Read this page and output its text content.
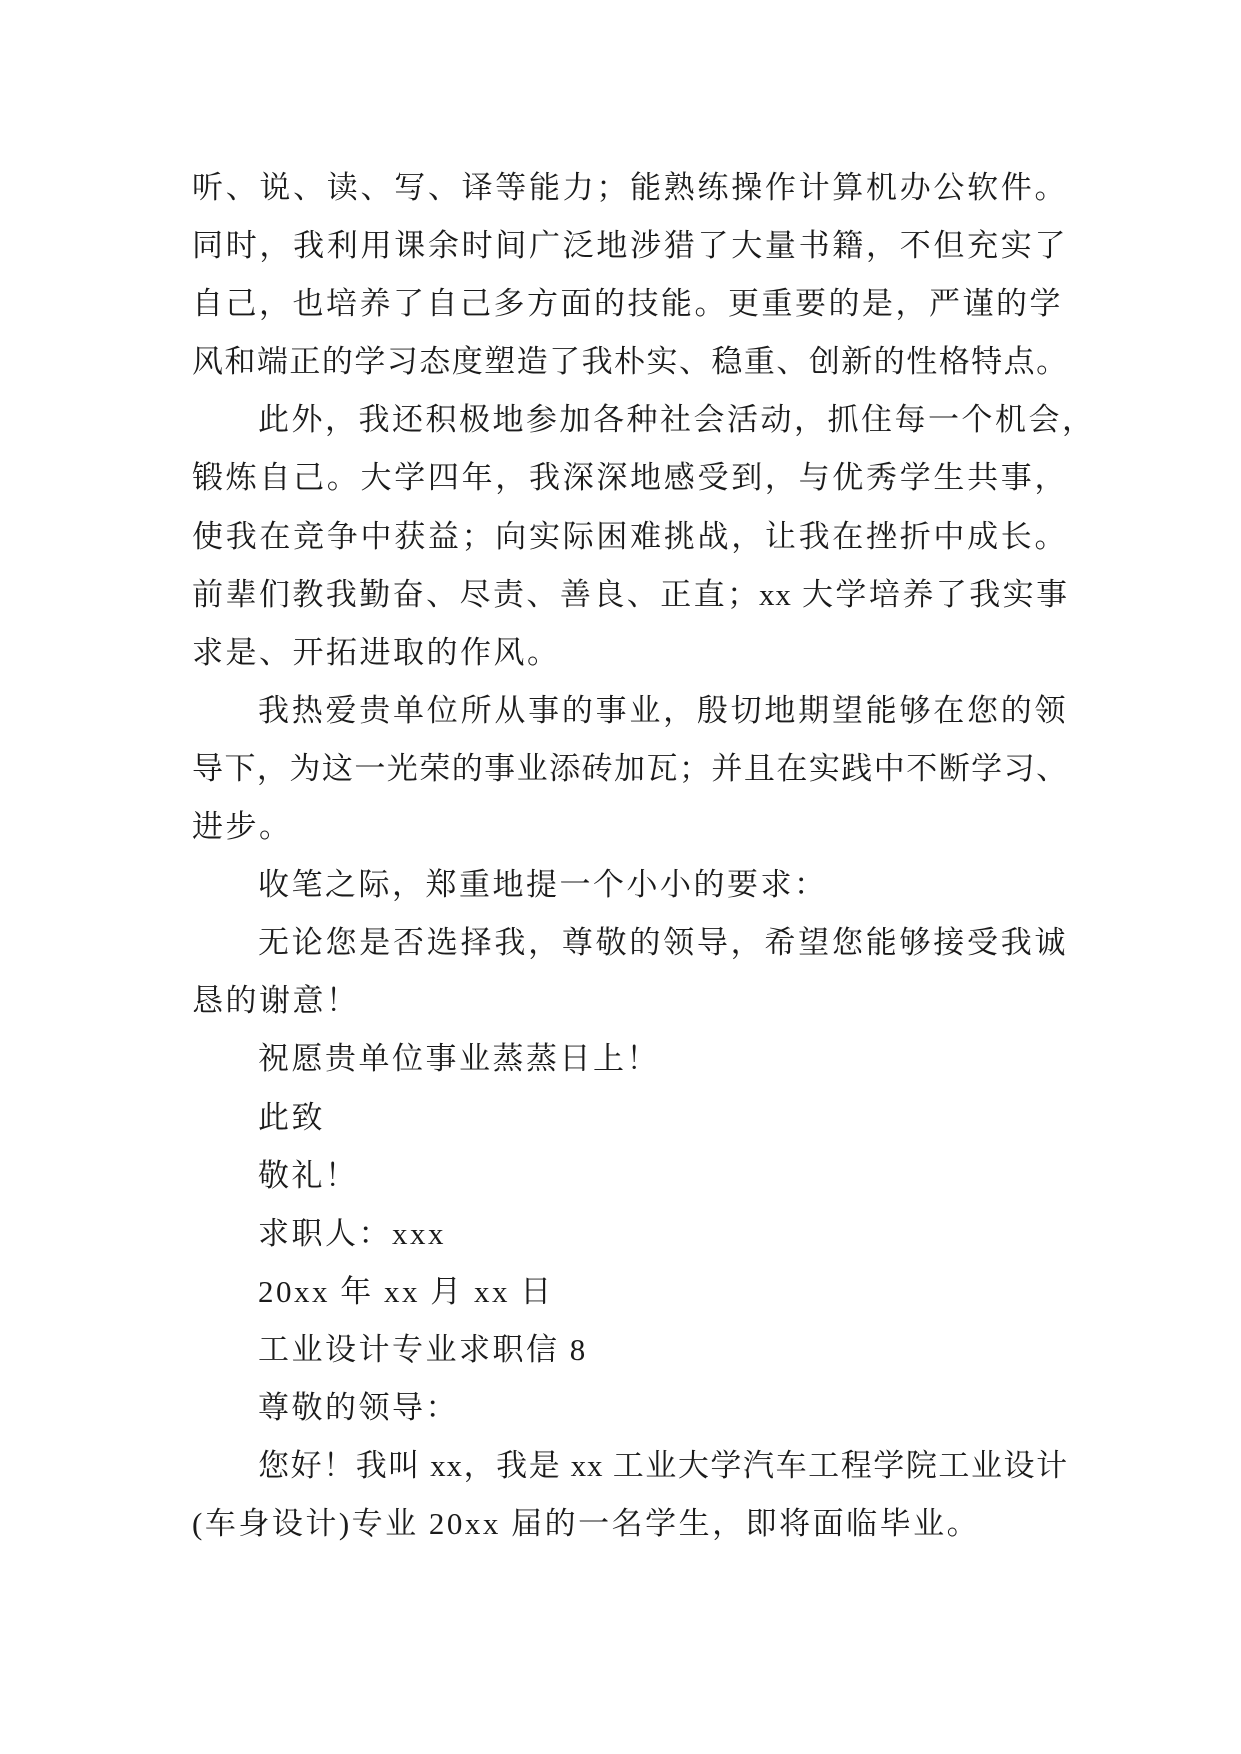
听、说、读、写、译等能力；能熟练操作计算机办公软件。
同时，我利用课余时间广泛地涉猎了大量书籍，不但充实了
自己，也培养了自己多方面的技能。更重要的是，严谨的学
风和端正的学习态度塑造了我朴实、稳重、创新的性格特点。
此外，我还积极地参加各种社会活动，抓住每一个机会，
锻炼自己。大学四年，我深深地感受到，与优秀学生共事，
使我在竞争中获益；向实际困难挑战，让我在挫折中成长。
前辈们教我勤奋、尽责、善良、正直；xx 大学培养了我实事
求是、开拓进取的作风。
我热爱贵单位所从事的事业，殷切地期望能够在您的领
导下，为这一光荣的事业添砖加瓦；并且在实践中不断学习、
进步。
收笔之际，郑重地提一个小小的要求：
无论您是否选择我，尊敬的领导，希望您能够接受我诚
恳的谢意！
祝愿贵单位事业蒸蒸日上！
此致
敬礼！
求职人：xxx
20xx 年 xx 月 xx 日
工业设计专业求职信 8
尊敬的领导：
您好！我叫 xx，我是 xx 工业大学汽车工程学院工业设计
(车身设计)专业 20xx 届的一名学生，即将面临毕业。
